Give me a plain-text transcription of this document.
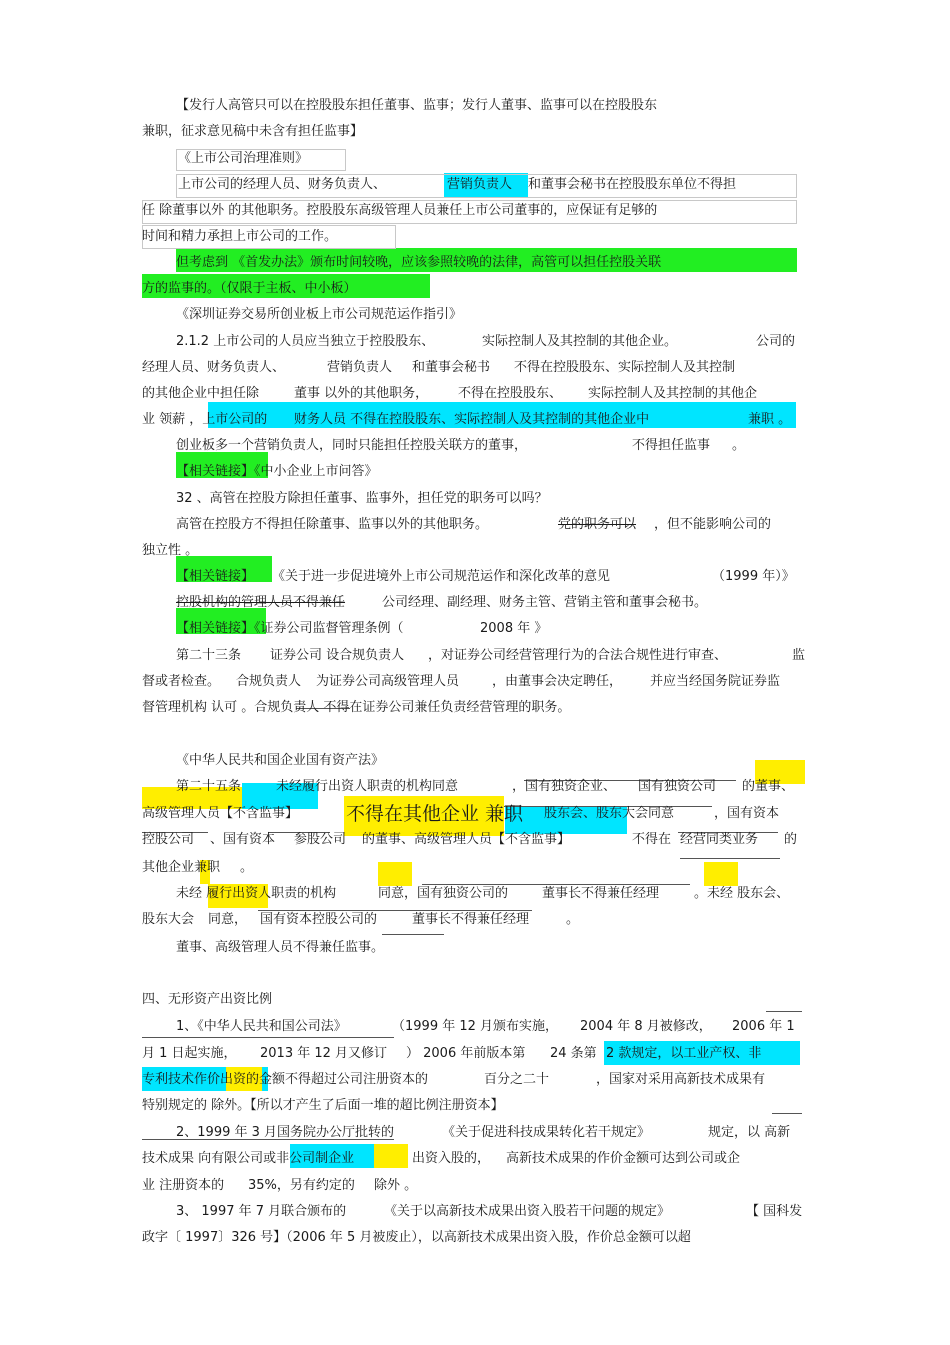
【发行人高管只可以在控股股东担任董事、监事；发行人董事、监事可以在控股股东
兼职，征求意见稿中未含有担任监事】
《上市公司治理准则》
上市公司的经理人员、财务负责人、	营销负责人 和董事会秘书在控股股东单位不得担
任 除董事以外 的其他职务。控股股东高级管理人员兼任上市公司董事的，应保证有足够的
时间和精力承担上市公司的工作。
但考虑到 《首发办法》颁布时间较晚，应该参照较晚的法律，高管可以担任控股关联
方的监事的。（仅限于主板、中小板）
《深圳证券交易所创业板上市公司规范运作指引》
2.1.2 上市公司的人员应当独立于控股股东、	实际控制人及其控制的其他企业。	公司的
经理人员、财务负责人、	营销负责人 和董事会秘书 不得在控股股东、实际控制人及其控制
的其他企业中担任除	董事 以外的其他职务， 不得在控股股东、 实际控制人及其控制的其他企
业 领薪 ，上市公司的 财务人员 不得在控股股东、实际控制人及其控制的其他企业中	兼职 。
创业板多一个营销负责人，同时只能担任控股关联方的董事，	不得担任监事 。
【相关链接】《中小企业上市问答》
32 、高管在控股方除担任董事、监事外，担任党的职务可以吗？
高管在控股方不得担任除董事、监事以外的其他职务。	党的职务可以 ，但不能影响公司的
独立性 。
【相关链接】 《关于进一步促进境外上市公司规范运作和深化改革的意见	（1999 年）》
控股机构的管理人员不得兼任	公司经理、副经理、财务主管、营销主管和董事会秘书。
【相关链接】《证券公司监督管理条例（	2008 年 》
第二十三条 证券公司 设合规负责人 ，对证券公司经营管理行为的合法合规性进行审查、	监
督或者检查。 合规负责人 为证券公司高级管理人员	，由董事会决定聘任， 并应当经国务院证券监
督管理机构 认可 。合规负责人 不得在证券公司兼任负责经营管理的职务。
《中华人民共和国企业国有资产法》
第二十五条	未经履行出资人职责的机构同意	，国有独资企业、 国有独资公司 的董事、
高级管理人员【不含监事】	不得在其他企业 兼职 股东会、股东大会同意	，国有资本
控股公司 、国有资本 参股公司 的董事、高级管理人员【不含监事】	不得在 经营同类业务 的
其他企业兼职 。
未经 履行出资人职责的机构	同意，国有独资公司的	董事长不得兼任经理	。未经 股东会、
股东大会 同意， 国有资本控股公司的	董事长不得兼任经理	。
董事、高级管理人员不得兼任监事。
四、无形资产出资比例
1、《中华人民共和国公司法》	（1999 年 12 月颁布实施， 2004 年 8 月被修改， 2006 年 1
月 1 日起实施， 2013 年 12 月又修订 ） 2006 年前版本第 24 条第 2 款规定，以工业产权、非
专利技术作价出资的金额不得超过公司注册资本的	百分之二十	，国家对采用高新技术成果有
特别规定的 除外。【所以才产生了后面一堆的超比例注册资本】
2、1999 年 3 月国务院办公厅批转的	《关于促进科技成果转化若干规定》	规定，以 高新
技术成果 向有限公司或非公司制企业	出资入股的， 高新技术成果的作价金额可达到公司或企
业 注册资本的 35%，另有约定的 除外 。
3、 1997 年 7 月联合颁布的	《关于以高新技术成果出资入股若干问题的规定》	【 国科发
政字〔 1997〕326 号】（2006 年 5 月被废止），以高新技术成果出资入股，作价总金额可以超
